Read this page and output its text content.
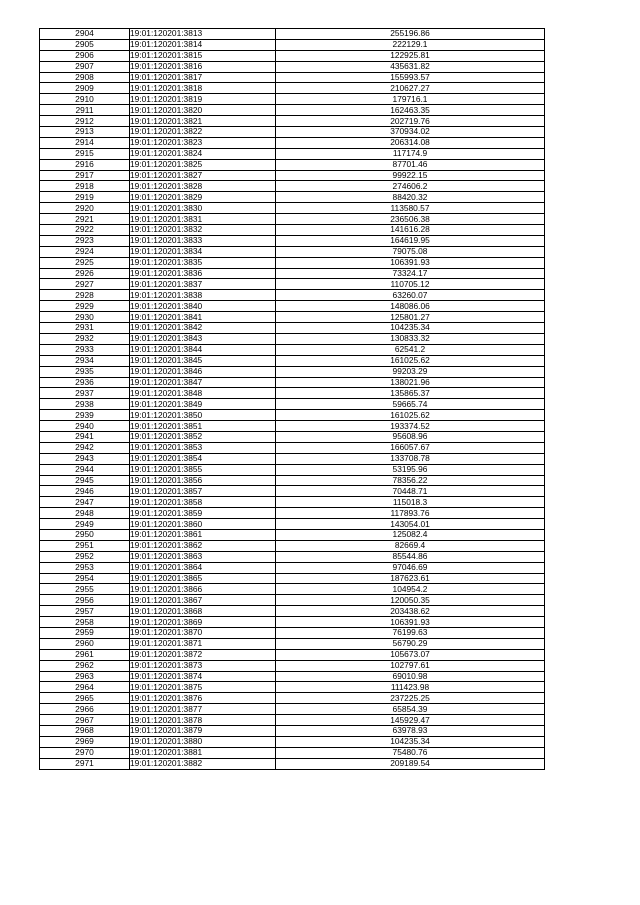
2904	19:01:120201:3813	255196.86
2905	19:01:120201:3814	222129.1
2906	19:01:120201:3815	122925.81
2907	19:01:120201:3816	435631.82
2908	19:01:120201:3817	155993.57
2909	19:01:120201:3818	210627.27
2910	19:01:120201:3819	179716.1
2911	19:01:120201:3820	162463.35
2912	19:01:120201:3821	202719.76
2913	19:01:120201:3822	370934.02
2914	19:01:120201:3823	206314.08
2915	19:01:120201:3824	117174.9
2916	19:01:120201:3825	87701.46
2917	19:01:120201:3827	99922.15
2918	19:01:120201:3828	274606.2
2919	19:01:120201:3829	88420.32
2920	19:01:120201:3830	113580.57
2921	19:01:120201:3831	236506.38
2922	19:01:120201:3832	141616.28
2923	19:01:120201:3833	164619.95
2924	19:01:120201:3834	79075.08
2925	19:01:120201:3835	106391.93
2926	19:01:120201:3836	73324.17
2927	19:01:120201:3837	110705.12
2928	19:01:120201:3838	63260.07
2929	19:01:120201:3840	148086.06
2930	19:01:120201:3841	125801.27
2931	19:01:120201:3842	104235.34
2932	19:01:120201:3843	130833.32
2933	19:01:120201:3844	62541.2
2934	19:01:120201:3845	161025.62
2935	19:01:120201:3846	99203.29
2936	19:01:120201:3847	138021.96
2937	19:01:120201:3848	135865.37
2938	19:01:120201:3849	59665.74
2939	19:01:120201:3850	161025.62
2940	19:01:120201:3851	193374.52
2941	19:01:120201:3852	95608.96
2942	19:01:120201:3853	166057.67
2943	19:01:120201:3854	133708.78
2944	19:01:120201:3855	53195.96
2945	19:01:120201:3856	78356.22
2946	19:01:120201:3857	70448.71
2947	19:01:120201:3858	115018.3
2948	19:01:120201:3859	117893.76
2949	19:01:120201:3860	143054.01
2950	19:01:120201:3861	125082.4
2951	19:01:120201:3862	82669.4
2952	19:01:120201:3863	85544.86
2953	19:01:120201:3864	97046.69
2954	19:01:120201:3865	187623.61
2955	19:01:120201:3866	104954.2
2956	19:01:120201:3867	120050.35
2957	19:01:120201:3868	203438.62
2958	19:01:120201:3869	106391.93
2959	19:01:120201:3870	76199.63
2960	19:01:120201:3871	56790.29
2961	19:01:120201:3872	105673.07
2962	19:01:120201:3873	102797.61
2963	19:01:120201:3874	69010.98
2964	19:01:120201:3875	111423.98
2965	19:01:120201:3876	237225.25
2966	19:01:120201:3877	65854.39
2967	19:01:120201:3878	145929.47
2968	19:01:120201:3879	63978.93
2969	19:01:120201:3880	104235.34
2970	19:01:120201:3881	75480.76
2971	19:01:120201:3882	209189.54
